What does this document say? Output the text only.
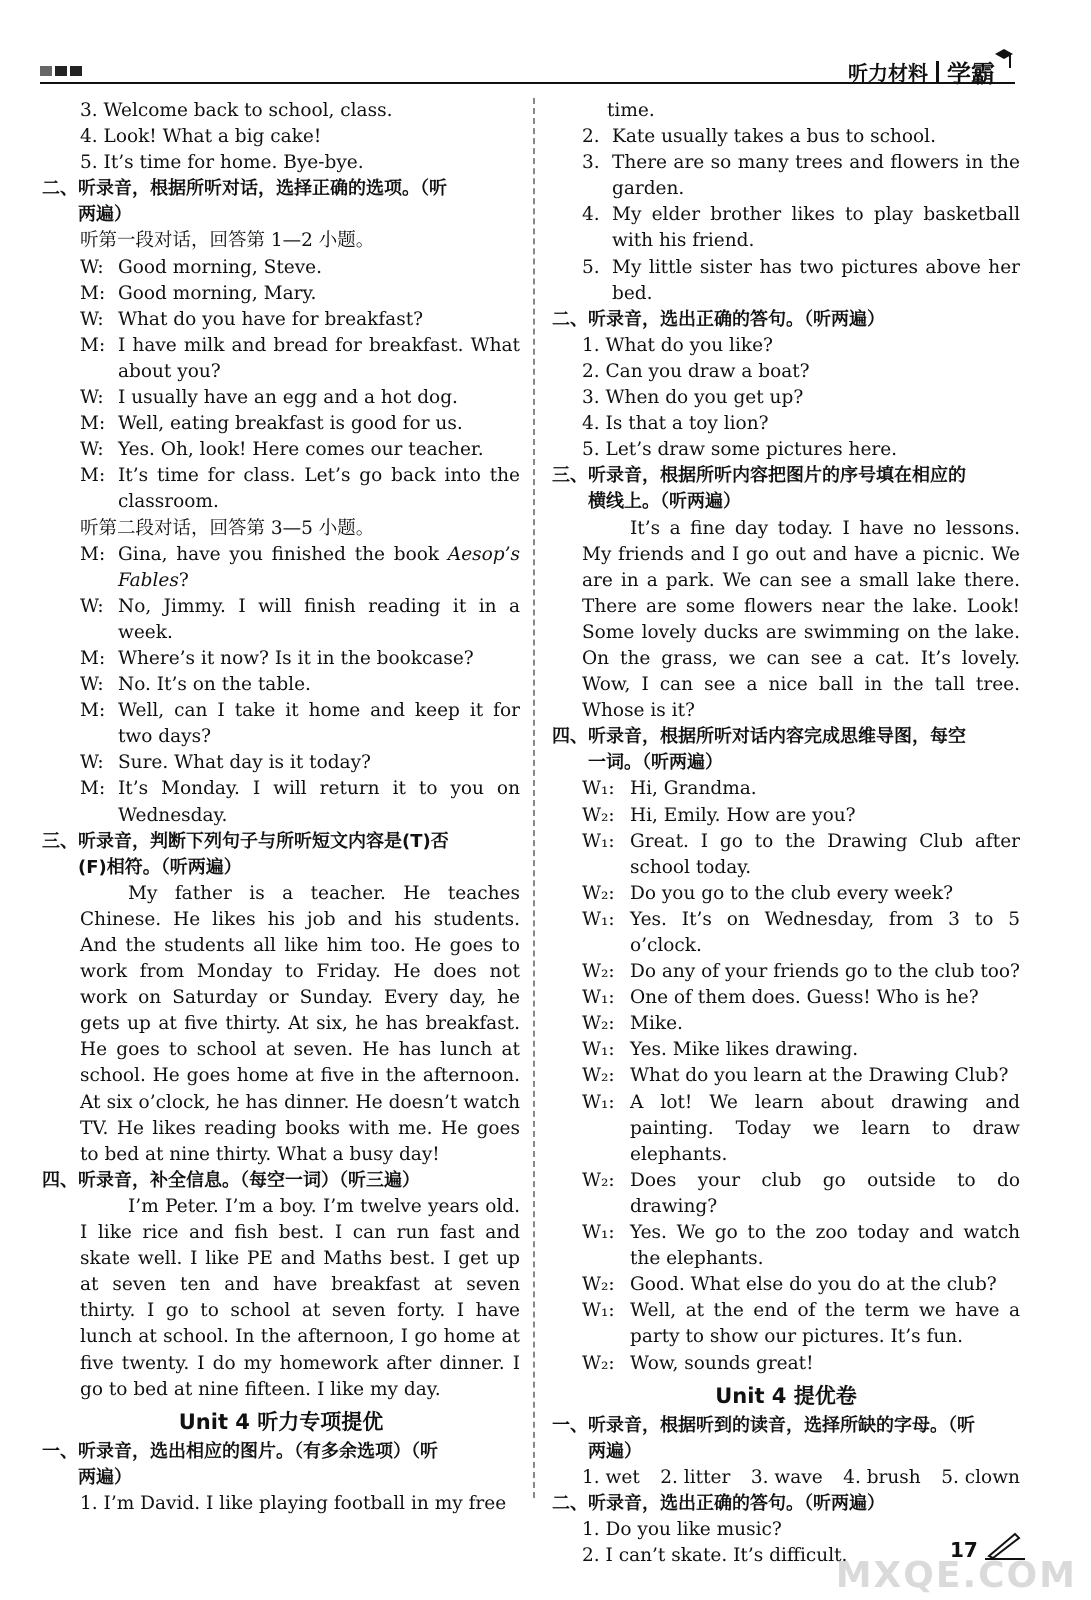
听力材料 学霸

3. Welcome back to school, class.

4. Look! What a big cake!

5. It’s time for home. Bye-bye.

二、听录音，根据所听对话，选择正确的选项。（听

两遍）

听第一段对话，回答第 1—2 小题。

W: Good morning, Steve.
M: Good morning, Mary.
W: What do you have for breakfast?
M: I have milk and bread for breakfast. What about you?
W: I usually have an egg and a hot dog.
M: Well, eating breakfast is good for us.
W: Yes. Oh, look! Here comes our teacher.
M: It’s time for class. Let’s go back into the classroom.

听第二段对话，回答第 3—5 小题。

M: Gina, have you finished the book Aesop’s Fables?
W: No, Jimmy. I will finish reading it in a week.
M: Where’s it now? Is it in the bookcase?
W: No. It’s on the table.
M: Well, can I take it home and keep it for two days?
W: Sure. What day is it today?
M: It’s Monday. I will return it to you on Wednesday.

三、听录音，判断下列句子与所听短文内容是(T)否

(F)相符。（听两遍）

My father is a teacher. He teaches Chinese. He likes his job and his students. And the students all like him too. He goes to work from Monday to Friday. He does not work on Saturday or Sunday. Every day, he gets up at five thirty. At six, he has breakfast. He goes to school at seven. He has lunch at school. He goes home at five in the afternoon. At six o’clock, he has dinner. He doesn’t watch TV. He likes reading books with me. He goes to bed at nine thirty. What a busy day!

四、听录音，补全信息。（每空一词）（听三遍）

I’m Peter. I’m a boy. I’m twelve years old. I like rice and fish best. I can run fast and skate well. I like PE and Maths best. I get up at seven ten and have breakfast at seven thirty. I go to school at seven forty. I have lunch at school. In the afternoon, I go home at five twenty. I do my homework after dinner. I go to bed at nine fifteen. I like my day.

Unit 4 听力专项提优

一、听录音，选出相应的图片。（有多余选项）（听

两遍）

1. I’m David. I like playing football in my free

time.

2. Kate usually takes a bus to school.
3. There are so many trees and flowers in the garden.
4. My elder brother likes to play basketball with his friend.
5. My little sister has two pictures above her bed.

二、听录音，选出正确的答句。（听两遍）

1. What do you like?

2. Can you draw a boat?

3. When do you get up?

4. Is that a toy lion?

5. Let’s draw some pictures here.

三、听录音，根据所听内容把图片的序号填在相应的

横线上。（听两遍）

It’s a fine day today. I have no lessons. My friends and I go out and have a picnic. We are in a park. We can see a small lake there. There are some flowers near the lake. Look! Some lovely ducks are swimming on the lake. On the grass, we can see a cat. It’s lovely. Wow, I can see a nice ball in the tall tree. Whose is it?

四、听录音，根据所听对话内容完成思维导图，每空

一词。（听两遍）

W₁: Hi, Grandma.
W₂: Hi, Emily. How are you?
W₁: Great. I go to the Drawing Club after school today.
W₂: Do you go to the club every week?
W₁: Yes. It’s on Wednesday, from 3 to 5 o’clock.
W₂: Do any of your friends go to the club too?
W₁: One of them does. Guess! Who is he?
W₂: Mike.
W₁: Yes. Mike likes drawing.
W₂: What do you learn at the Drawing Club?
W₁: A lot! We learn about drawing and painting. Today we learn to draw elephants.
W₂: Does your club go outside to do drawing?
W₁: Yes. We go to the zoo today and watch the elephants.
W₂: Good. What else do you do at the club?
W₁: Well, at the end of the term we have a party to show our pictures. It’s fun.
W₂: Wow, sounds great!

Unit 4 提优卷

一、听录音，根据听到的读音，选择所缺的字母。（听

两遍）

1. wet 2. litter 3. wave 4. brush 5. clown

二、听录音，选出正确的答句。（听两遍）

1. Do you like music?

2. I can’t skate. It’s difficult.	17
MXQE.COM
